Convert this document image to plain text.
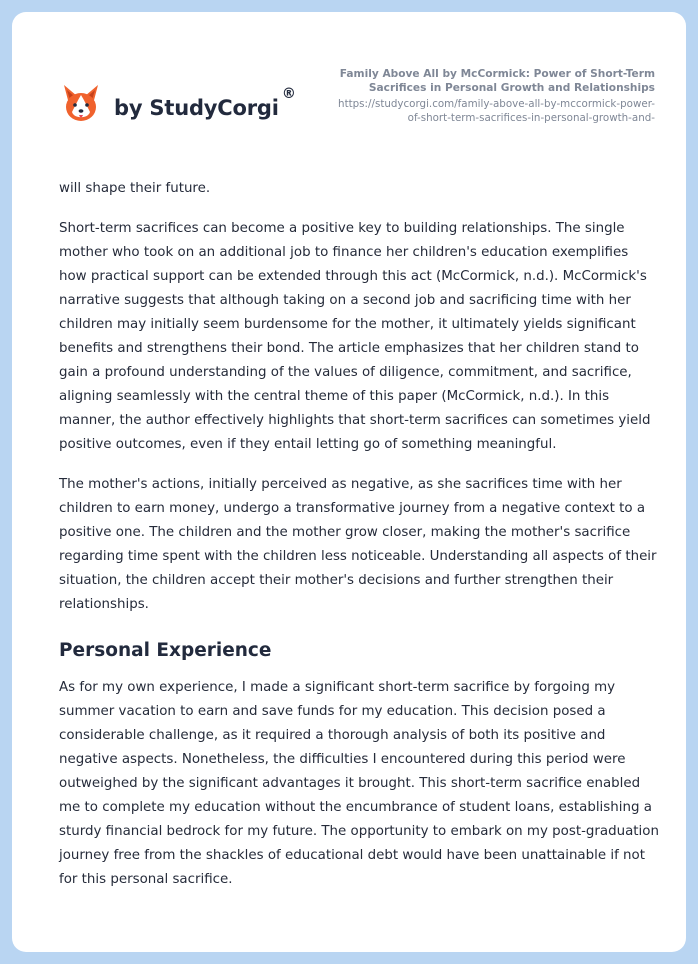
by StudyCorgi
®
Family Above All by McCormick: Power of Short-Term Sacrifices in Personal Growth and Relationships
https://studycorgi.com/family-above-all-by-mccormick-power-of-short-term-sacrifices-in-personal-growth-and-

will shape their future.

Short-term sacrifices can become a positive key to building relationships. The single mother who took on an additional job to finance her children's education exemplifies how practical support can be extended through this act (McCormick, n.d.). McCormick's narrative suggests that although taking on a second job and sacrificing time with her children may initially seem burdensome for the mother, it ultimately yields significant benefits and strengthens their bond. The article emphasizes that her children stand to gain a profound understanding of the values of diligence, commitment, and sacrifice, aligning seamlessly with the central theme of this paper (McCormick, n.d.). In this manner, the author effectively highlights that short-term sacrifices can sometimes yield positive outcomes, even if they entail letting go of something meaningful.

The mother's actions, initially perceived as negative, as she sacrifices time with her children to earn money, undergo a transformative journey from a negative context to a positive one. The children and the mother grow closer, making the mother's sacrifice regarding time spent with the children less noticeable. Understanding all aspects of their situation, the children accept their mother's decisions and further strengthen their relationships.

Personal Experience

As for my own experience, I made a significant short-term sacrifice by forgoing my summer vacation to earn and save funds for my education. This decision posed a considerable challenge, as it required a thorough analysis of both its positive and negative aspects. Nonetheless, the difficulties I encountered during this period were outweighed by the significant advantages it brought. This short-term sacrifice enabled me to complete my education without the encumbrance of student loans, establishing a sturdy financial bedrock for my future. The opportunity to embark on my post-graduation journey free from the shackles of educational debt would have been unattainable if not for this personal sacrifice.
